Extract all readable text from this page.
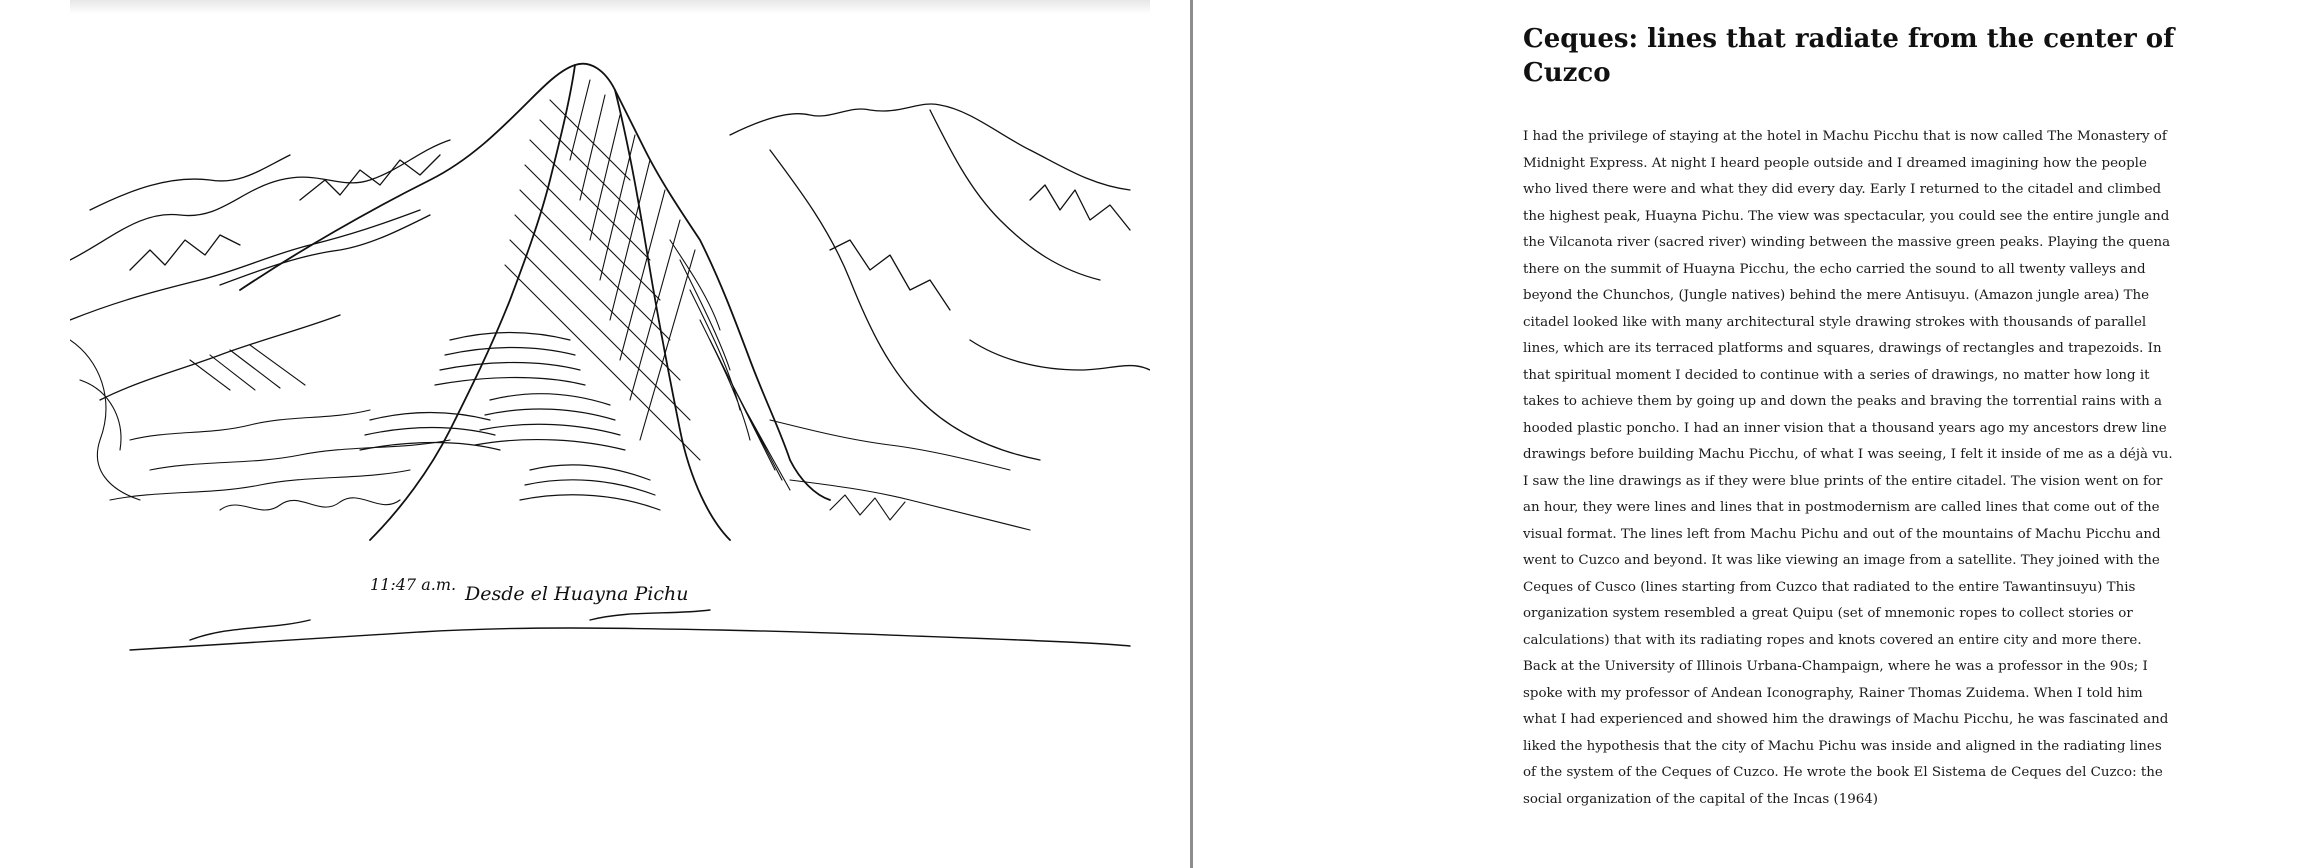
11:47 a.m. Desde el Huayna Pichu
Ceques: lines that radiate from the center of Cuzco

I had the privilege of staying at the hotel in Machu Picchu that is now called The Monastery of Midnight Express. At night I heard people outside and I dreamed imagining how the people who lived there were and what they did every day. Early I returned to the citadel and climbed the highest peak, Huayna Pichu. The view was spectacular, you could see the entire jungle and the Vilcanota river (sacred river) winding between the massive green peaks. Playing the quena there on the summit of Huayna Picchu, the echo carried the sound to all twenty valleys and beyond the Chunchos, (Jungle natives) behind the mere Antisuyu. (Amazon jungle area) The citadel looked like with many architectural style drawing strokes with thousands of parallel lines, which are its terraced platforms and squares, drawings of rectangles and trapezoids. In that spiritual moment I decided to continue with a series of drawings, no matter how long it takes to achieve them by going up and down the peaks and braving the torrential rains with a hooded plastic poncho. I had an inner vision that a thousand years ago my ancestors drew line drawings before building Machu Picchu, of what I was seeing, I felt it inside of me as a déjà vu. I saw the line drawings as if they were blue prints of the entire citadel. The vision went on for an hour, they were lines and lines that in postmodernism are called lines that come out of the visual format. The lines left from Machu Pichu and out of the mountains of Machu Picchu and went to Cuzco and beyond. It was like viewing an image from a satellite. They joined with the Ceques of Cusco (lines starting from Cuzco that radiated to the entire Tawantinsuyu) This organization system resembled a great Quipu (set of mnemonic ropes to collect stories or calculations) that with its radiating ropes and knots covered an entire city and more there. Back at the University of Illinois Urbana-Champaign, where he was a professor in the 90s; I spoke with my professor of Andean Iconography, Rainer Thomas Zuidema. When I told him what I had experienced and showed him the drawings of Machu Picchu, he was fascinated and liked the hypothesis that the city of Machu Pichu was inside and aligned in the radiating lines of the system of the Ceques of Cuzco. He wrote the book El Sistema de Ceques del Cuzco: the social organization of the capital of the Incas (1964)
